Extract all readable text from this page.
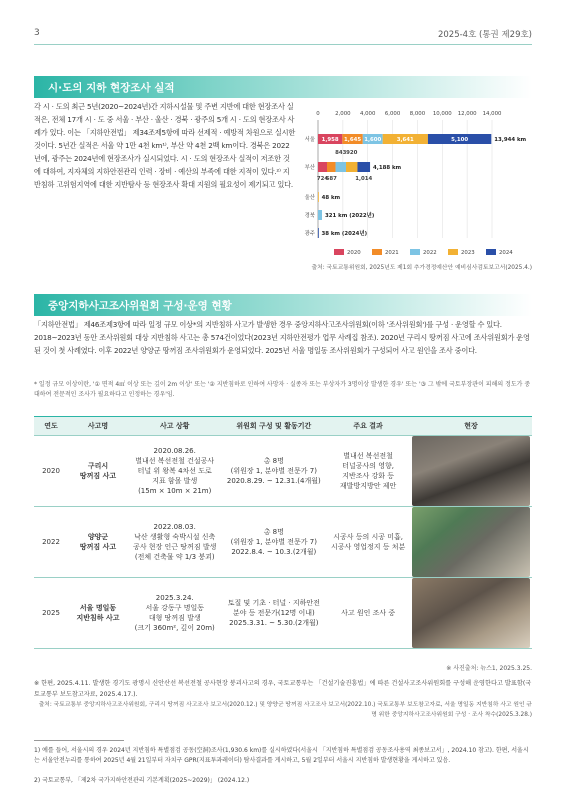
3	2025-4호 (통권 제29호)
시·도의 지하 현장조사 실적
각 시 · 도의 최근 5년(2020~2024년)간 지하시설물 및 주변 지반에 대한 현장조사 실적은, 전체 17개 시 · 도 중 서울 · 부산 · 울산 · 경북 · 광주의 5개 시 · 도의 현장조사 사례가 있다. 이는 「지하안전법」 제34조제5항에 따라 선제적 · 예방적 차원으로 실시한 것이다. 5년간 실적은 서울 약 1만 4천 km¹⁾, 부산 약 4천 2백 km이다. 경북은 2022년에, 광주는 2024년에 현장조사가 실시되었다. 시 · 도의 현장조사 실적이 저조한 것에 대하여, 지자체의 지하안전관리 인력 · 장비 · 예산의 부족에 대한 지적이 있다.²⁾ 지반침하 고위험지역에 대한 지반탐사 등 현장조사 확대 지원의 필요성이 제기되고 있다.
0	2,000 4,000 6,000 8,000 10,000 12,000 14,000
서울	13,944 km
1,958 1,645 1,600	3,641	5,100
부산	4,188 km
843 920
724
687	1,014
울산 48 km
경북 321 km (2022년)
광주 38 km (2024년)
2020	2021	2022	2023	2024
출처: 국토교통위원회, 2025년도 제1회 추가경정예산안 예비심사검토보고서(2025.4.)
중앙지하사고조사위원회 구성·운영 현황
「지하안전법」 제46조제3항에 따라 일정 규모 이상*의 지반침하 사고가 발생한 경우 중앙지하사고조사위원회(이하 '조사위원회')를 구성 · 운영할 수 있다. 2018~2023년 동안 조사위원회 대상 지반침하 사고는 총 574건이었다(2023년 지하안전평가 업무 사례집 참조). 2020년 구리시 땅꺼짐 사고에 조사위원회가 운영된 것이 첫 사례였다. 이후 2022년 양양군 땅꺼짐 조사위원회가 운영되었다. 2025년 서울 명일동 조사위원회가 구성되어 사고 원인을 조사 중이다.
* 일정 규모 이상이란, '① 면적 4㎡ 이상 또는 깊이 2m 이상' 또는 '② 지반침하로 인하여 사망자 · 실종자 또는 부상자가 3명이상 발생한 경우' 또는 '③ 그 밖에 국토부장관이 피해의 정도가 중대하여 전문적인 조사가 필요하다고 인정하는 경우'임.
연도	사고명	사고 상황	위원회 구성 및 활동기간	주요 결과	현장
2020	구리시
땅꺼짐 사고	2020.08.26.
별내선 복선전철 건설공사
터널 위 왕복 4차선 도로
지표 함몰 발생
(15m × 10m × 21m)	총 8명
(위원장 1, 분야별 전문가 7)
2020.8.29. ~ 12.31.(4개월)	별내선 복선전철
터널공사의 영향,
지반조사 강화 등
재발방지방안 제안	

2022	양양군
땅꺼짐 사고	2022.08.03.
낙산 생활형 숙박시설 신축
공사 현장 인근 땅꺼짐 발생
(전체 건축물 약 1/3 붕괴)	총 8명
(위원장 1, 분야별 전문가 7)
2022.8.4. ~ 10.3.(2개월)	시공사 등의 시공 미흡,
시공사 영업정지 등 처분	

2025	서울 명일동
지반침하 사고	2025.3.24.
서울 강동구 명일동
대형 땅꺼짐 발생
(크기 360m², 깊이 20m)	토질 및 기초 · 터널 · 지하안전
분야 등 전문가(12명 이내)
2025.3.31. ~ 5.30.(2개월)	사고 원인 조사 중	
※ 사진출처: 뉴스1, 2025.3.25.
※ 한편, 2025.4.11. 발생한 경기도 광명시 신안산선 복선전철 공사현장 붕괴사고의 경우, 국토교통부는 「건설기술진흥법」에 따른 건설사고조사위원회를 구성해 운영한다고 발표함(국토교통부 보도참고자료, 2025.4.17.).
출처: 국토교통부 중앙지하사고조사위원회, 구리시 땅꺼짐 사고조사 보고서(2020.12.) 및 양양군 땅꺼짐 사고조사 보고서(2022.10.) 국토교통부 보도참고자료, 서울 명일동 지반침하 사고 원인 규명 위한 중앙지하사고조사위원회 구성 · 조사 착수(2025.3.28.)
1) 예를 들어, 서울시의 경우 2024년 지반침하 특별점검 공동(空洞)조사(1,930.6 km)를 실시하였다(서울시 「지반침하 특별점검 공동조사용역 최종보고서」, 2024.10 참고). 한편, 서울시는 서울안전누리를 통하여 2025년 4월 21일부터 자치구 GPR(지표투과레이더) 탐사결과를 게시하고, 5월 2일부터 서울시 지반침하 발생현황을 게시하고 있음.
2) 국토교통부, 「제2차 국가지하안전관리 기본계획(2025~2029)」 (2024.12.)
